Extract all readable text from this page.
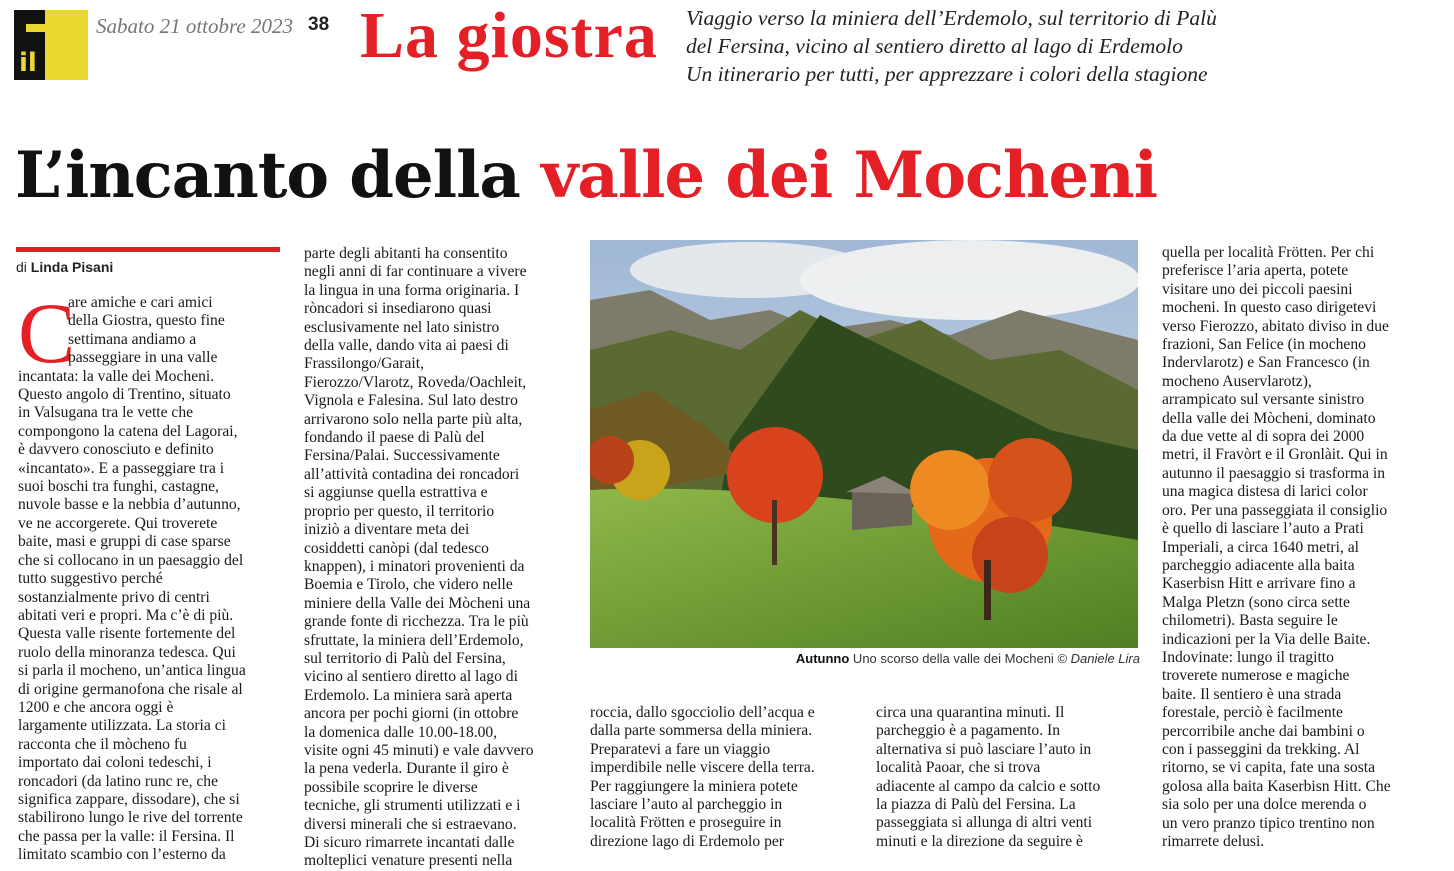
il T
Sabato 21 ottobre 2023 38 La giostra Viaggio verso la miniera dell’Erdemolo, sul territorio di Palù
del Fersina, vicino al sentiero diretto al lago di Erdemolo
Un itinerario per tutti, per apprezzare i colori della stagione
L’incanto della valle dei Mocheni
di Linda Pisani
C
are amiche e cari amici
della Giostra, questo fine
settimana andiamo a
passeggiare in una valle
incantata: la valle dei Mocheni.
Questo angolo di Trentino, situato
in Valsugana tra le vette che
compongono la catena del Lagorai,
è davvero conosciuto e definito
«incantato». E a passeggiare tra i
suoi boschi tra funghi, castagne,
nuvole basse e la nebbia d’autunno,
ve ne accorgerete. Qui troverete
baite, masi e gruppi di case sparse
che si collocano in un paesaggio del
tutto suggestivo perché
sostanzialmente privo di centri
abitati veri e propri. Ma c’è di più.
Questa valle risente fortemente del
ruolo della minoranza tedesca. Qui
si parla il mocheno, un’antica lingua
di origine germanofona che risale al
1200 e che ancora oggi è
largamente utilizzata. La storia ci
racconta che il mòcheno fu
importato dai coloni tedeschi, i
roncadori (da latino runc re, che
significa zappare, dissodare), che si
stabilirono lungo le rive del torrente
che passa per la valle: il Fersina. Il
limitato scambio con l’esterno da
parte degli abitanti ha consentito
negli anni di far continuare a vivere
la lingua in una forma originaria. I
ròncadori si insediarono quasi
esclusivamente nel lato sinistro
della valle, dando vita ai paesi di
Frassilongo/Garait,
Fierozzo/Vlarotz, Roveda/Oachleit,
Vignola e Falesina. Sul lato destro
arrivarono solo nella parte più alta,
fondando il paese di Palù del
Fersina/Palai. Successivamente
all’attività contadina dei roncadori
si aggiunse quella estrattiva e
proprio per questo, il territorio
iniziò a diventare meta dei
cosiddetti canòpi (dal tedesco
knappen), i minatori provenienti da
Boemia e Tirolo, che videro nelle
miniere della Valle dei Mòcheni una
grande fonte di ricchezza. Tra le più
sfruttate, la miniera dell’Erdemolo,
sul territorio di Palù del Fersina,
vicino al sentiero diretto al lago di
Erdemolo. La miniera sarà aperta
ancora per pochi giorni (in ottobre
la domenica dalle 10.00-18.00,
visite ogni 45 minuti) e vale davvero
la pena vederla. Durante il giro è
possibile scoprire le diverse
tecniche, gli strumenti utilizzati e i
diversi minerali che si estraevano.
Di sicuro rimarrete incantati dalle
molteplici venature presenti nella
roccia, dallo sgocciolio dell’acqua e
dalla parte sommersa della miniera.
Preparatevi a fare un viaggio
imperdibile nelle viscere della terra.
Per raggiungere la miniera potete
lasciare l’auto al parcheggio in
località Frötten e proseguire in
direzione lago di Erdemolo per
circa una quarantina minuti. Il
parcheggio è a pagamento. In
alternativa si può lasciare l’auto in
località Paoar, che si trova
adiacente al campo da calcio e sotto
la piazza di Palù del Fersina. La
passeggiata si allunga di altri venti
minuti e la direzione da seguire è
quella per località Frötten. Per chi
preferisce l’aria aperta, potete
visitare uno dei piccoli paesini
mocheni. In questo caso dirigetevi
verso Fierozzo, abitato diviso in due
frazioni, San Felice (in mocheno
Indervlarotz) e San Francesco (in
mocheno Auservlarotz),
arrampicato sul versante sinistro
della valle dei Mòcheni, dominato
da due vette al di sopra dei 2000
metri, il Fravòrt e il Gronlàit. Qui in
autunno il paesaggio si trasforma in
una magica distesa di larici color
oro. Per una passeggiata il consiglio
è quello di lasciare l’auto a Prati
Imperiali, a circa 1640 metri, al
parcheggio adiacente alla baita
Kaserbisn Hitt e arrivare fino a
Malga Pletzn (sono circa sette
chilometri). Basta seguire le
indicazioni per la Via delle Baite.
Indovinate: lungo il tragitto
troverete numerose e magiche
baite. Il sentiero è una strada
forestale, perciò è facilmente
percorribile anche dai bambini o
con i passeggini da trekking. Al
ritorno, se vi capita, fate una sosta
golosa alla baita Kaserbisn Hitt. Che
sia solo per una dolce merenda o
un vero pranzo tipico trentino non
rimarrete delusi.
Autunno Uno scorso della valle dei Mocheni © Daniele Lira
